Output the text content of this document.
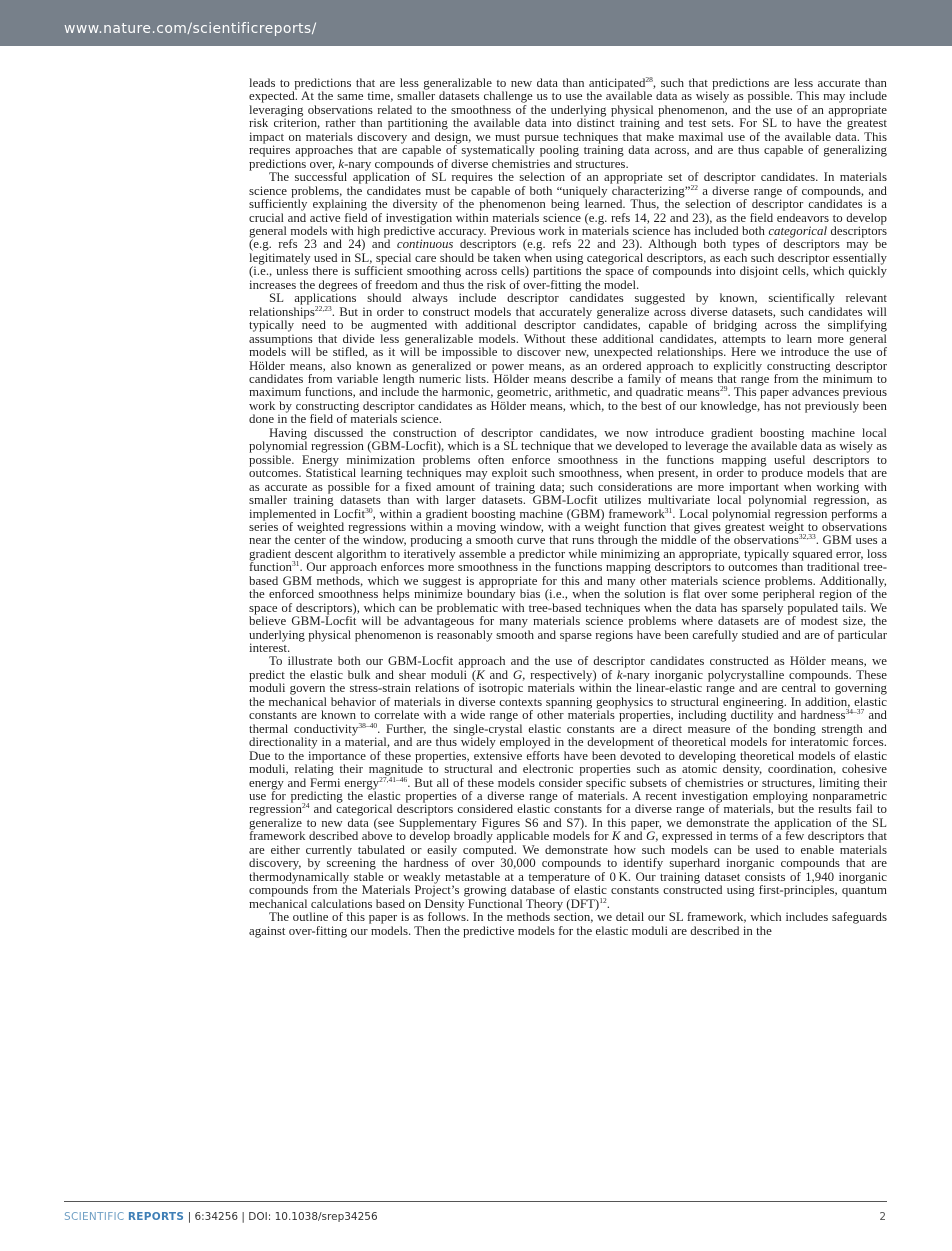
www.nature.com/scientificreports/

leads to predictions that are less generalizable to new data than anticipated$^{28}$, such that predictions are less accurate than expected. At the same time, smaller datasets challenge us to use the available data as wisely as possible. This may include leveraging observations related to the smoothness of the underlying physical phenomenon, and the use of an appropriate risk criterion, rather than partitioning the available data into distinct training and test sets. For SL to have the greatest impact on materials discovery and design, we must pursue techniques that make maximal use of the available data. This requires approaches that are capable of systematically pooling training data across, and are thus capable of generalizing predictions over, k-nary compounds of diverse chemistries and structures.

The successful application of SL requires the selection of an appropriate set of descriptor candidates. In materials science problems, the candidates must be capable of both “uniquely characterizing”$^{22}$ a diverse range of compounds, and sufficiently explaining the diversity of the phenomenon being learned. Thus, the selection of descriptor candidates is a crucial and active field of investigation within materials science (e.g. refs 14, 22 and 23), as the field endeavors to develop general models with high predictive accuracy. Previous work in materials science has included both categorical descriptors (e.g. refs 23 and 24) and continuous descriptors (e.g. refs 22 and 23). Although both types of descriptors may be legitimately used in SL, special care should be taken when using categorical descriptors, as each such descriptor essentially (i.e., unless there is sufficient smoothing across cells) partitions the space of compounds into disjoint cells, which quickly increases the degrees of freedom and thus the risk of over-fitting the model.

SL applications should always include descriptor candidates suggested by known, scientifically relevant relationships$^{22,23}$. But in order to construct models that accurately generalize across diverse datasets, such candidates will typically need to be augmented with additional descriptor candidates, capable of bridging across the simplifying assumptions that divide less generalizable models. Without these additional candidates, attempts to learn more general models will be stifled, as it will be impossible to discover new, unexpected relationships. Here we introduce the use of Hölder means, also known as generalized or power means, as an ordered approach to explicitly constructing descriptor candidates from variable length numeric lists. Hölder means describe a family of means that range from the minimum to maximum functions, and include the harmonic, geometric, arithmetic, and quadratic means$^{29}$. This paper advances previous work by constructing descriptor candidates as Hölder means, which, to the best of our knowledge, has not previously been done in the field of materials science.

Having discussed the construction of descriptor candidates, we now introduce gradient boosting machine local polynomial regression (GBM-Locfit), which is a SL technique that we developed to leverage the available data as wisely as possible. Energy minimization problems often enforce smoothness in the functions mapping useful descriptors to outcomes. Statistical learning techniques may exploit such smoothness, when present, in order to produce models that are as accurate as possible for a fixed amount of training data; such considerations are more important when working with smaller training datasets than with larger datasets. GBM-Locfit utilizes multivariate local polynomial regression, as implemented in Locfit$^{30}$, within a gradient boosting machine (GBM) framework$^{31}$. Local polynomial regression performs a series of weighted regressions within a moving window, with a weight function that gives greatest weight to observations near the center of the window, producing a smooth curve that runs through the middle of the observations$^{32,33}$. GBM uses a gradient descent algorithm to iteratively assemble a predictor while minimizing an appropriate, typically squared error, loss function$^{31}$. Our approach enforces more smoothness in the functions mapping descriptors to outcomes than traditional tree-based GBM methods, which we suggest is appropriate for this and many other materials science problems. Additionally, the enforced smoothness helps minimize boundary bias (i.e., when the solution is flat over some peripheral region of the space of descriptors), which can be problematic with tree-based techniques when the data has sparsely populated tails. We believe GBM-Locfit will be advantageous for many materials science problems where datasets are of modest size, the underlying physical phenomenon is reasonably smooth and sparse regions have been carefully studied and are of particular interest.

To illustrate both our GBM-Locfit approach and the use of descriptor candidates constructed as Hölder means, we predict the elastic bulk and shear moduli (K and G, respectively) of k-nary inorganic polycrystalline compounds. These moduli govern the stress-strain relations of isotropic materials within the linear-elastic range and are central to governing the mechanical behavior of materials in diverse contexts spanning geophysics to structural engineering. In addition, elastic constants are known to correlate with a wide range of other materials properties, including ductility and hardness$^{34-37}$ and thermal conductivity$^{38-40}$. Further, the single-crystal elastic constants are a direct measure of the bonding strength and directionality in a material, and are thus widely employed in the development of theoretical models for interatomic forces. Due to the importance of these properties, extensive efforts have been devoted to developing theoretical models of elastic moduli, relating their magnitude to structural and electronic properties such as atomic density, coordination, cohesive energy and Fermi energy$^{27,41-46}$. But all of these models consider specific subsets of chemistries or structures, limiting their use for predicting the elastic properties of a diverse range of materials. A recent investigation employing nonparametric regression$^{24}$ and categorical descriptors considered elastic constants for a diverse range of materials, but the results fail to generalize to new data (see Supplementary Figures S6 and S7). In this paper, we demonstrate the application of the SL framework described above to develop broadly applicable models for K and G, expressed in terms of a few descriptors that are either currently tabulated or easily computed. We demonstrate how such models can be used to enable materials discovery, by screening the hardness of over 30,000 compounds to identify superhard inorganic compounds that are thermodynamically stable or weakly metastable at a temperature of 0 K. Our training dataset consists of 1,940 inorganic compounds from the Materials Project’s growing database of elastic constants constructed using first-principles, quantum mechanical calculations based on Density Functional Theory (DFT)$^{12}$.

The outline of this paper is as follows. In the methods section, we detail our SL framework, which includes safeguards against over-fitting our models. Then the predictive models for the elastic moduli are described in the

SCIENTIFIC REPORTS | 6:34256 | DOI: 10.1038/srep34256	2
